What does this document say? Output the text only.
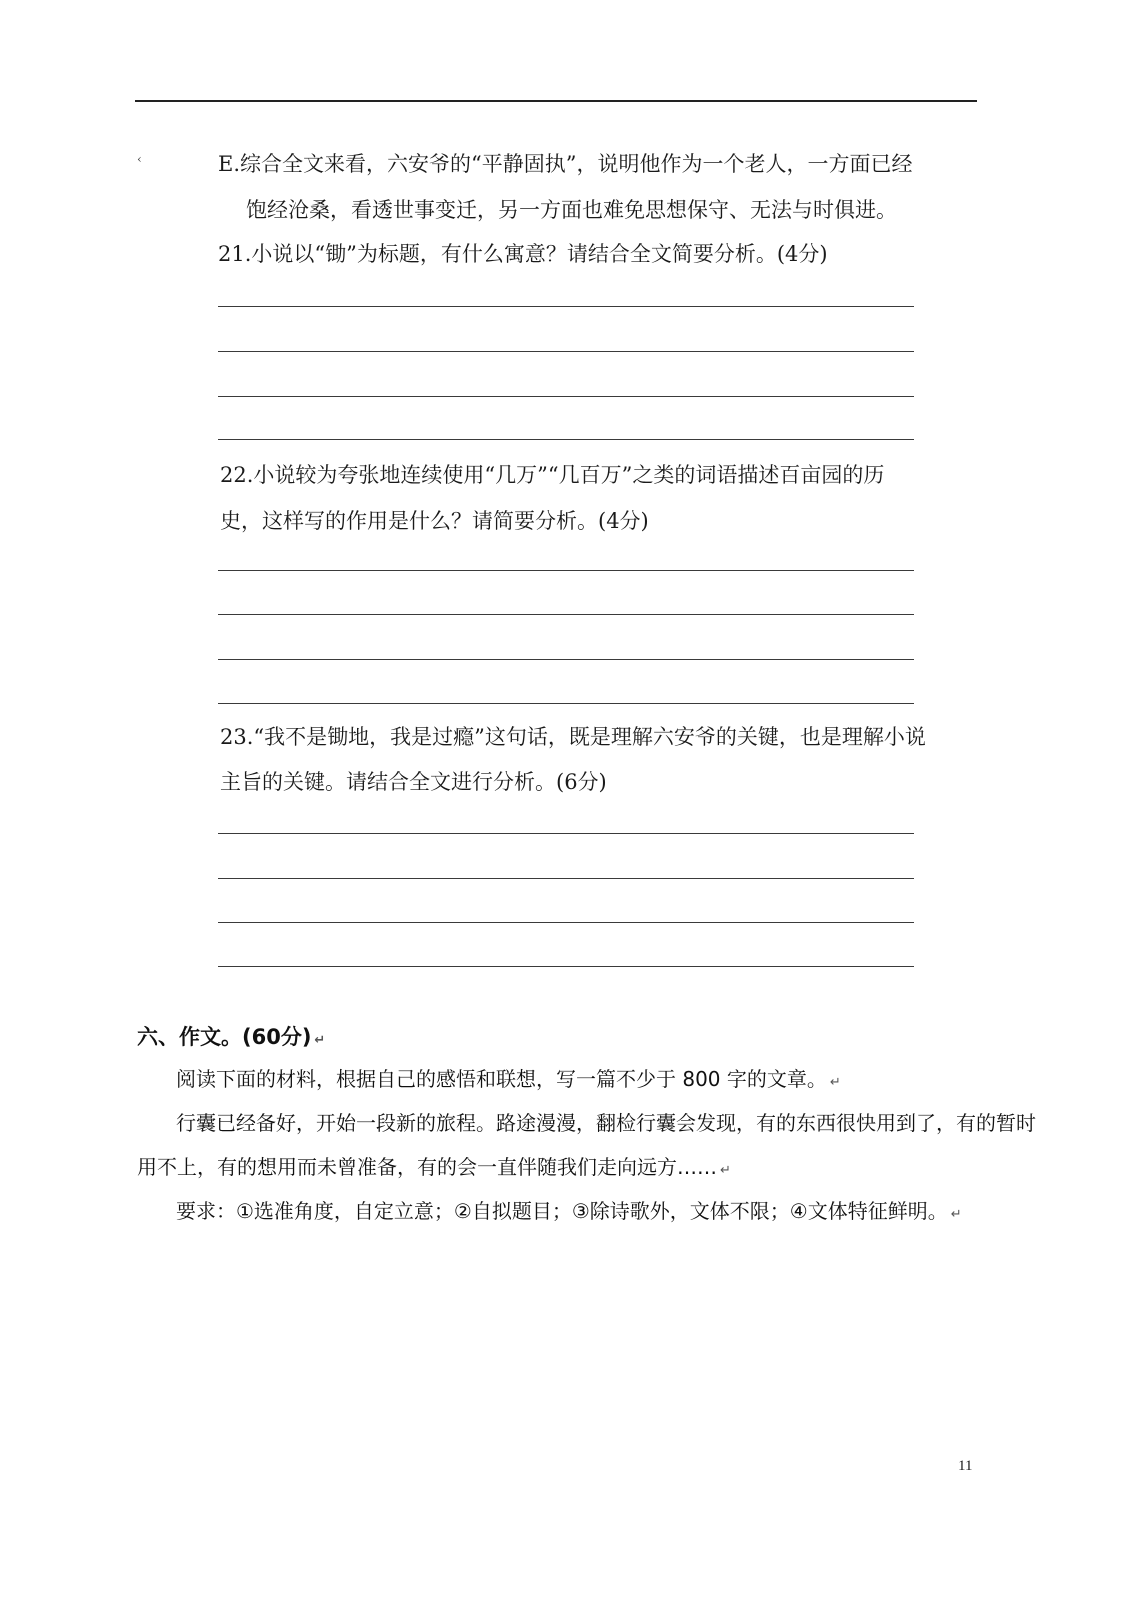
‹	E.综合全文来看，六安爷的“平静固执”，说明他作为一个老人，一方面已经
饱经沧桑，看透世事变迁，另一方面也难免思想保守、无法与时俱进。
21.小说以“锄”为标题，有什么寓意？请结合全文简要分析。(4分)
22.小说较为夸张地连续使用“几万”“几百万”之类的词语描述百亩园的历
史，这样写的作用是什么？请简要分析。(4分)
23.“我不是锄地，我是过瘾”这句话，既是理解六安爷的关键，也是理解小说
主旨的关键。请结合全文进行分析。(6分)
六、作文。(60分) ↵
阅读下面的材料，根据自己的感悟和联想，写一篇不少于 800 字的文章。 ↵
行囊已经备好，开始一段新的旅程。路途漫漫，翻检行囊会发现，有的东西很快用到了，有的暂时
用不上，有的想用而未曾准备，有的会一直伴随我们走向远方…… ↵
要求：①选准角度，自定立意；②自拟题目；③除诗歌外，文体不限；④文体特征鲜明。 ↵
11
